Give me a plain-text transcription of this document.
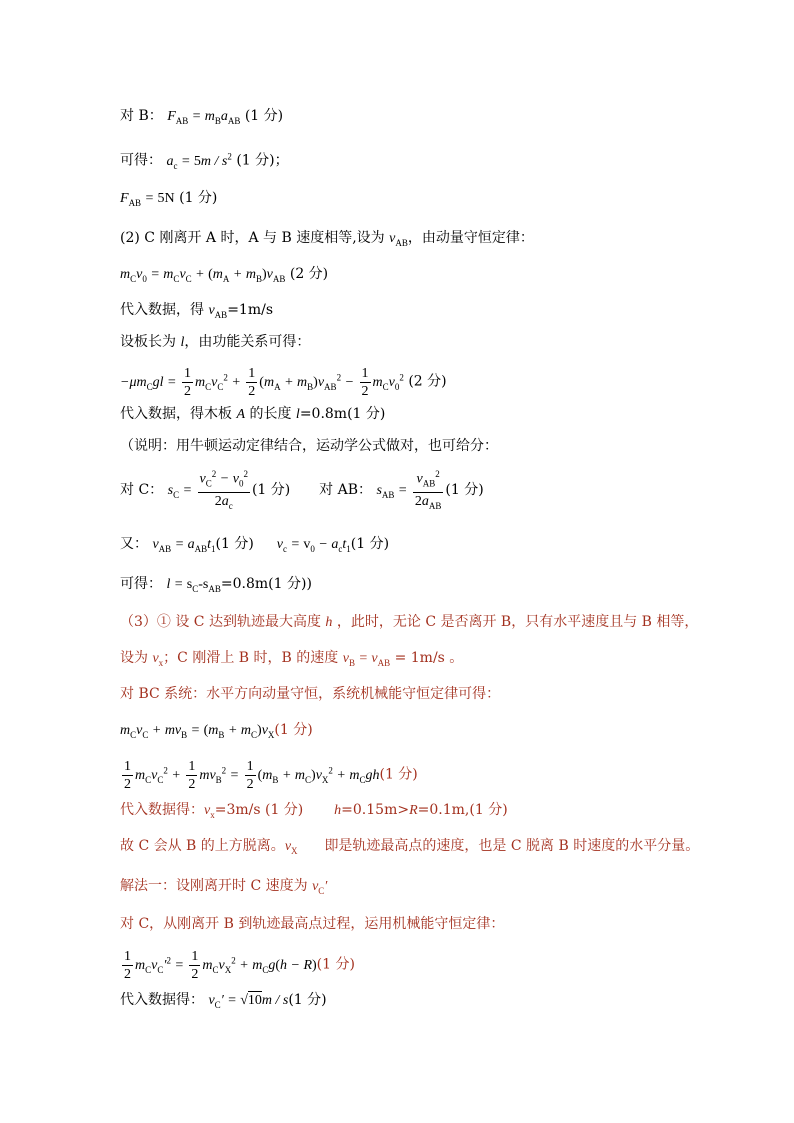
对 B： $F_{AB} = m_Ba_{AB}$ (1 分)
可得： $a_c = 5m / s^2$ (1 分)；
$F_{AB} = 5N$ (1 分)
(2) C 刚离开 A 时，A 与 B 速度相等,设为 $v_{AB}$，由动量守恒定律：
$m_Cv_0 = m_Cv_C + (m_A + m_B)v_{AB}$ (2 分)
代入数据，得 $v_{AB}=1m/s$
设板长为 l，由功能关系可得：
$-\mu m_Cgl = \frac{1}{2} m_Cv_C^2 + \frac{1}{2} (m_A + m_B)v_{AB}^2 - \frac{1}{2} m_Cv_0^2$ (2 分)
代入数据，得木板 A 的长度 l=0.8m(1 分)
（说明：用牛顿运动定律结合，运动学公式做对，也可给分：
对 C： $s_C = \frac{v_C^2 - v_0^2}{2a_c} (1$ 分) 对 AB： $s_{AB} = \frac{v_{AB}^2}{2a_{AB}} (1$ 分)
又： $v_{AB} = a_{AB}t_1(1$ 分) $v_c = v_0 - a_ct_1(1$ 分)
可得： $l = s_C-s_{AB}=0.8m(1$ 分))
（3）① 设 C 达到轨迹最大高度 h ，此时，无论 C 是否离开 B，只有水平速度且与 B 相等，
设为 $v_x$；C 刚滑上 B 时，B 的速度 $v_B = v_{AB} = 1m/s$ 。
对 BC 系统：水平方向动量守恒，系统机械能守恒定律可得：
$m_Cv_C + mv_B = (m_B + m_C)v_X(1$ 分)
$\frac{1}{2} m_Cv_C^2 + \frac{1}{2} mv_B^2 = \frac{1}{2} (m_B + m_C)v_X^2 + m_Cgh(1$ 分)
代入数据得：$v_x=3m/s$ (1 分) h=0.15m>R=0.1m,(1 分)
故 C 会从 B 的上方脱离。$v_X$ 即是轨迹最高点的速度，也是 C 脱离 B 时速度的水平分量。
解法一：设刚离开时 C 速度为 $v_C'$
对 C，从刚离开 B 到轨迹最高点过程，运用机械能守恒定律：
$\frac{1}{2} m_Cv_C'^2 = \frac{1}{2} m_Cv_X^2 + m_Cg(h - R)(1$ 分)
代入数据得： $v_C' = √10m / s(1$ 分)
